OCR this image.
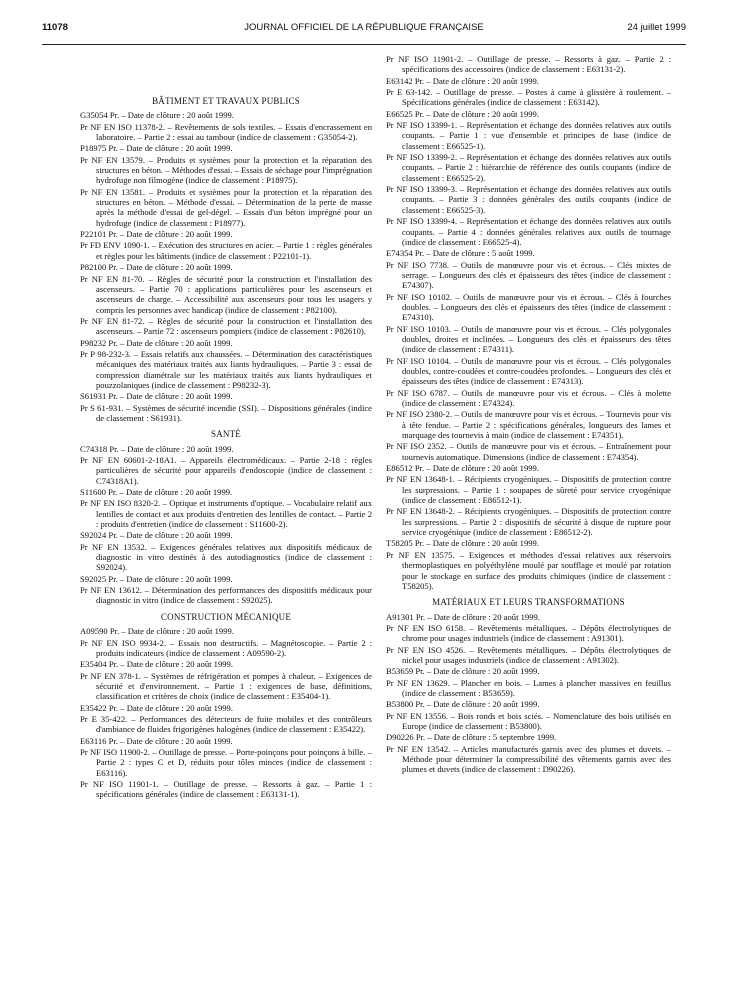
11078	JOURNAL OFFICIEL DE LA RÉPUBLIQUE FRANÇAISE	24 juillet 1999
BÂTIMENT ET TRAVAUX PUBLICS
G35054 Pr. – Date de clôture : 20 août 1999.
Pr NF EN ISO 11378-2. – Revêtements de sols textiles. – Essais d'encrassement en laboratoire. – Partie 2 : essai au tambour (indice de classement : G35054-2).
P18975 Pr. – Date de clôture : 20 août 1999.
Pr NF EN 13579. – Produits et systèmes pour la protection et la réparation des structures en béton. – Méthodes d'essai. – Essais de séchage pour l'imprégnation hydrofuge non filmogène (indice de classement : P18975).
Pr NF EN 13581. – Produits et systèmes pour la protection et la réparation des structures en béton. – Méthode d'essai. – Détermination de la perte de masse après la méthode d'essai de gel-dégel. – Essais d'un béton imprégné pour un hydrofuge (indice de classement : P18977).
P22101 Pr. – Date de clôture : 20 août 1999.
Pr FD ENV 1090-1. – Exécution des structures en acier. – Partie 1 : règles générales et règles pour les bâtiments (indice de classement : P22101-1).
P82100 Pr. – Date de clôture : 20 août 1999.
Pr NF EN 81-70. – Règles de sécurité pour la construction et l'installation des ascenseurs. – Partie 70 : applications particulières pour les ascenseurs et ascenseurs de charge. – Accessibilité aux ascenseurs pour tous les usagers y compris les personnes avec handicap (indice de classement : P82100).
Pr NF EN 81-72. – Règles de sécurité pour la construction et l'installation des ascenseurs. – Partie 72 : ascenseurs pompiers (indice de classement : P82610).
P98232 Pr. – Date de clôture : 20 août 1999.
Pr P 98-232-3. – Essais relatifs aux chaussées. – Détermination des caractéristiques mécaniques des matériaux traités aux liants hydrauliques. – Partie 3 : essai de compression diamétrale sur les matériaux traités aux liants hydrauliques et pouzzolaniques (indice de classement : P98232-3).
S61931 Pr. – Date de clôture : 20 août 1999.
Pr S 61-931. – Systèmes de sécurité incendie (SSI). – Dispositions générales (indice de classement : S61931).
SANTÉ
C74318 Pr. – Date de clôture : 20 août 1999.
Pr NF EN 60601-2-18A1. – Appareils électromédicaux. – Partie 2-18 : règles particulières de sécurité pour appareils d'endoscopie (indice de classement : C74318A1).
S11600 Pr. – Date de clôture : 20 août 1999.
Pr NF EN ISO 8320-2. – Optique et instruments d'optique. – Vocabulaire relatif aux lentilles de contact et aux produits d'entretien des lentilles de contact. – Partie 2 : produits d'entretien (indice de classement : S11600-2).
S92024 Pr. – Date de clôture : 20 août 1999.
Pr NF EN 13532. – Exigences générales relatives aux dispositifs médicaux de diagnostic in vitro destinés à des autodiagnostics (indice de classement : S92024).
S92025 Pr. – Date de clôture : 20 août 1999.
Pr NF EN 13612. – Détermination des performances des dispositifs médicaux pour diagnostic in vitro (indice de classement : S92025).
CONSTRUCTION MÉCANIQUE
A09590 Pr. – Date de clôture : 20 août 1999.
Pr NF EN ISO 9934-2. – Essais non destructifs. – Magnétoscopie. – Partie 2 : produits indicateurs (indice de classement : A09590-2).
E35404 Pr. – Date de clôture : 20 août 1999.
Pr NF EN 378-1. – Systèmes de réfrigération et pompes à chaleur. – Exigences de sécurité et d'environnement. – Partie 1 : exigences de base, définitions, classification et critères de choix (indice de classement : E35404-1).
E35422 Pr. – Date de clôture : 20 août 1999.
Pr E 35-422. – Performances des détecteurs de fuite mobiles et des contrôleurs d'ambiance de fluides frigorigènes halogènes (indice de classement : E35422).
E63116 Pr. – Date de clôture : 20 août 1999.
Pr NF ISO 11900-2. – Outillage de presse. – Porte-poinçons pour poinçons à bille. – Partie 2 : types C et D, réduits pour tôles minces (indice de classement : E63116).
Pr NF ISO 11901-1. – Outillage de presse. – Ressorts à gaz. – Partie 1 : spécifications générales (indice de classement : E63131-1).
Pr NF ISO 11901-2. – Outillage de presse. – Ressorts à gaz. – Partie 2 : spécifications des accessoires (indice de classement : E63131-2).
E63142 Pr. – Date de clôture : 20 août 1999.
Pr E 63-142. – Outillage de presse. – Postes à came à glissière à roulement. – Spécifications générales (indice de classement : E63142).
E66525 Pr. – Date de clôture : 20 août 1999.
Pr NF ISO 13399-1. – Représentation et échange des données relatives aux outils coupants. – Partie 1 : vue d'ensemble et principes de base (indice de classement : E66525-1).
Pr NF ISO 13399-2. – Représentation et échange des données relatives aux outils coupants. – Partie 2 : hiérarchie de référence des outils coupants (indice de classement : E66525-2).
Pr NF ISO 13399-3. – Représentation et échange des données relatives aux outils coupants. – Partie 3 : données générales des outils coupants (indice de classement : E66525-3).
Pr NF ISO 13399-4. – Représentation et échange des données relatives aux outils coupants. – Partie 4 : données générales relatives aux outils de tournage (indice de classement : E66525-4).
E74354 Pr. – Date de clôture : 5 août 1999.
Pr NF ISO 7738. – Outils de manœuvre pour vis et écrous. – Clés mixtes de serrage. – Longueurs des clés et épaisseurs des têtes (indice de classement : E74307).
Pr NF ISO 10102. – Outils de manœuvre pour vis et écrous. – Clés à fourches doubles. – Longueurs des clés et épaisseurs des têtes (indice de classement : E74310).
Pr NF ISO 10103. – Outils de manœuvre pour vis et écrous. – Clés polygonales doubles, droites et inclinées. – Longueurs des clés et épaisseurs des têtes (indice de classement : E74311).
Pr NF ISO 10104. – Outils de manœuvre pour vis et écrous. – Clés polygonales doubles, contre-coudées et contre-coudées profondes. – Longueurs des clés et épaisseurs des têtes (indice de classement : E74313).
Pr NF ISO 6787. – Outils de manœuvre pour vis et écrous. – Clés à molette (indice de classement : E74324).
Pr NF ISO 2380-2. – Outils de manœuvre pour vis et écrous. – Tournevis pour vis à tête fendue. – Partie 2 : spécifications générales, longueurs des lames et marquage des tournevis à main (indice de classement : E74351).
Pr NF ISO 2352. – Outils de manœuvre pour vis et écrous. – Entraînement pour tournevis automatique. Dimensions (indice de classement : E74354).
E86512 Pr. – Date de clôture : 20 août 1999.
Pr NF EN 13648-1. – Récipients cryogéniques. – Dispositifs de protection contre les surpressions. – Partie 1 : soupapes de sûreté pour service cryogénique (indice de classement : E86512-1).
Pr NF EN 13648-2. – Récipients cryogéniques. – Dispositifs de protection contre les surpressions. – Partie 2 : dispositifs de sécurité à disque de rupture pour service cryogénique (indice de classement : E86512-2).
T58205 Pr. – Date de clôture : 20 août 1999.
Pr NF EN 13575. – Exigences et méthodes d'essai relatives aux réservoirs thermoplastiques en polyéthylène moulé par soufflage et moulé par rotation pour le stockage en surface des produits chimiques (indice de classement : T58205).
MATÉRIAUX ET LEURS TRANSFORMATIONS
A91301 Pr. – Date de clôture : 20 août 1999.
Pr NF EN ISO 6158. – Revêtements métalliques. – Dépôts électrolytiques de chrome pour usages industriels (indice de classement : A91301).
Pr NF EN ISO 4526. – Revêtements métalliques. – Dépôts électrolytiques de nickel pour usages industriels (indice de classement : A91302).
B53659 Pr. – Date de clôture : 20 août 1999.
Pr NF EN 13629. – Plancher en bois. – Lames à plancher massives en feuillus (indice de classement : B53659).
B53800 Pr. – Date de clôture : 20 août 1999.
Pr NF EN 13556. – Bois ronds et bois sciés. – Nomenclature des bois utilisés en Europe (indice de classement : B53800).
D90226 Pr. – Date de clôture : 5 septembre 1999.
Pr NF EN 13542. – Articles manufacturés garnis avec des plumes et duvets. – Méthode pour déterminer la compressibilité des vêtements garnis avec des plumes et duvets (indice de classement : D90226).
